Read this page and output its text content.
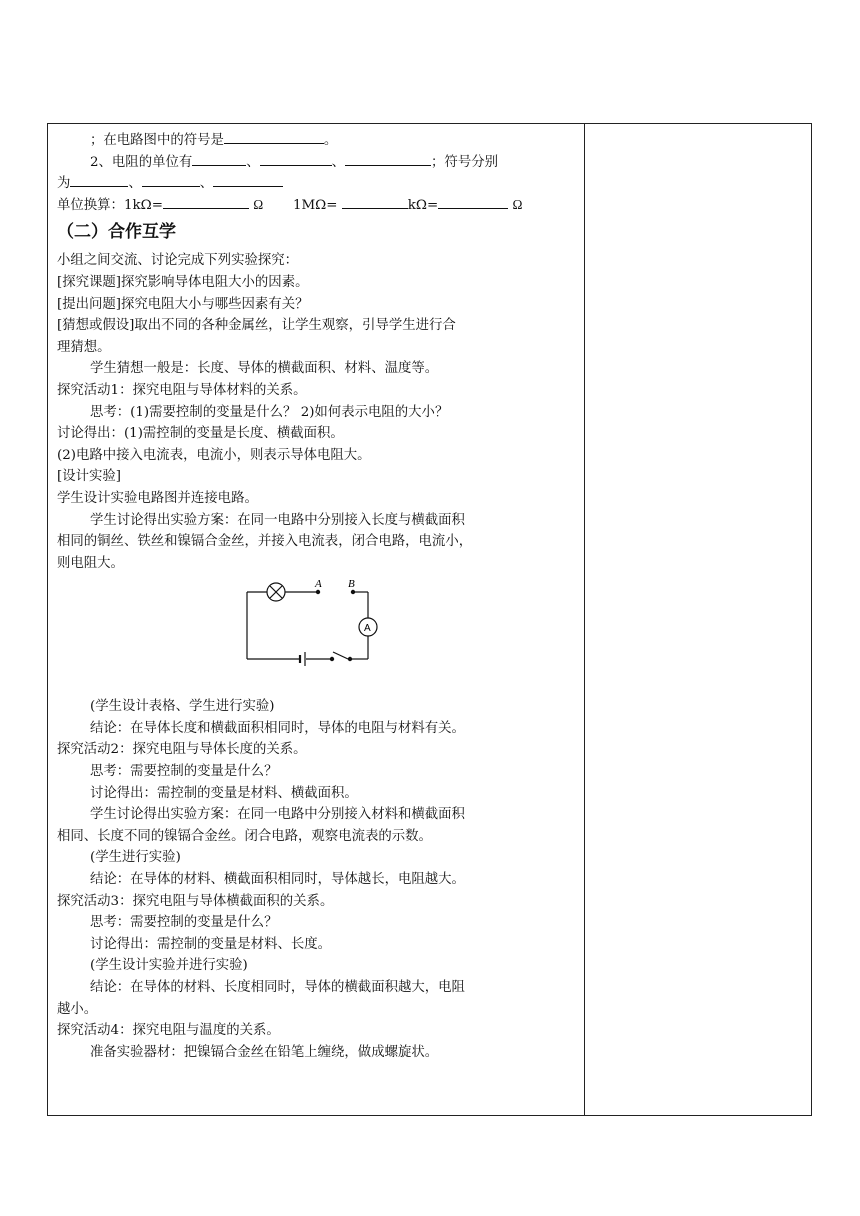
；在电路图中的符号是	。
2、电阻的单位有	、	、	；符号分别
为	、	、
单位换算：1kΩ=	Ω 1MΩ=	kΩ=	Ω
（二）合作互学
小组之间交流、讨论完成下列实验探究：
[探究课题]探究影响导体电阻大小的因素。
[提出问题]探究电阻大小与哪些因素有关？
[猜想或假设]取出不同的各种金属丝，让学生观察，引导学生进行合
理猜想。
学生猜想一般是：长度、导体的横截面积、材料、温度等。
探究活动1：探究电阻与导体材料的关系。
思考：(1)需要控制的变量是什么？ 2)如何表示电阻的大小？
讨论得出：(1)需控制的变量是长度、横截面积。
(2)电路中接入电流表，电流小，则表示导体电阻大。
[设计实验]
学生设计实验电路图并连接电路。
学生讨论得出实验方案：在同一电路中分别接入长度与横截面积
相同的铜丝、铁丝和镍镉合金丝，并接入电流表，闭合电路，电流小，
则电阻大。
A B
A
(学生设计表格、学生进行实验)
结论：在导体长度和横截面积相同时，导体的电阻与材料有关。
探究活动2：探究电阻与导体长度的关系。
思考：需要控制的变量是什么？
讨论得出：需控制的变量是材料、横截面积。
学生讨论得出实验方案：在同一电路中分别接入材料和横截面积
相同、长度不同的镍镉合金丝。闭合电路，观察电流表的示数。
(学生进行实验)
结论：在导体的材料、横截面积相同时，导体越长，电阻越大。
探究活动3：探究电阻与导体横截面积的关系。
思考：需要控制的变量是什么？
讨论得出：需控制的变量是材料、长度。
(学生设计实验并进行实验)
结论：在导体的材料、长度相同时，导体的横截面积越大，电阻
越小。
探究活动4：探究电阻与温度的关系。
准备实验器材：把镍镉合金丝在铅笔上缠绕，做成螺旋状。
